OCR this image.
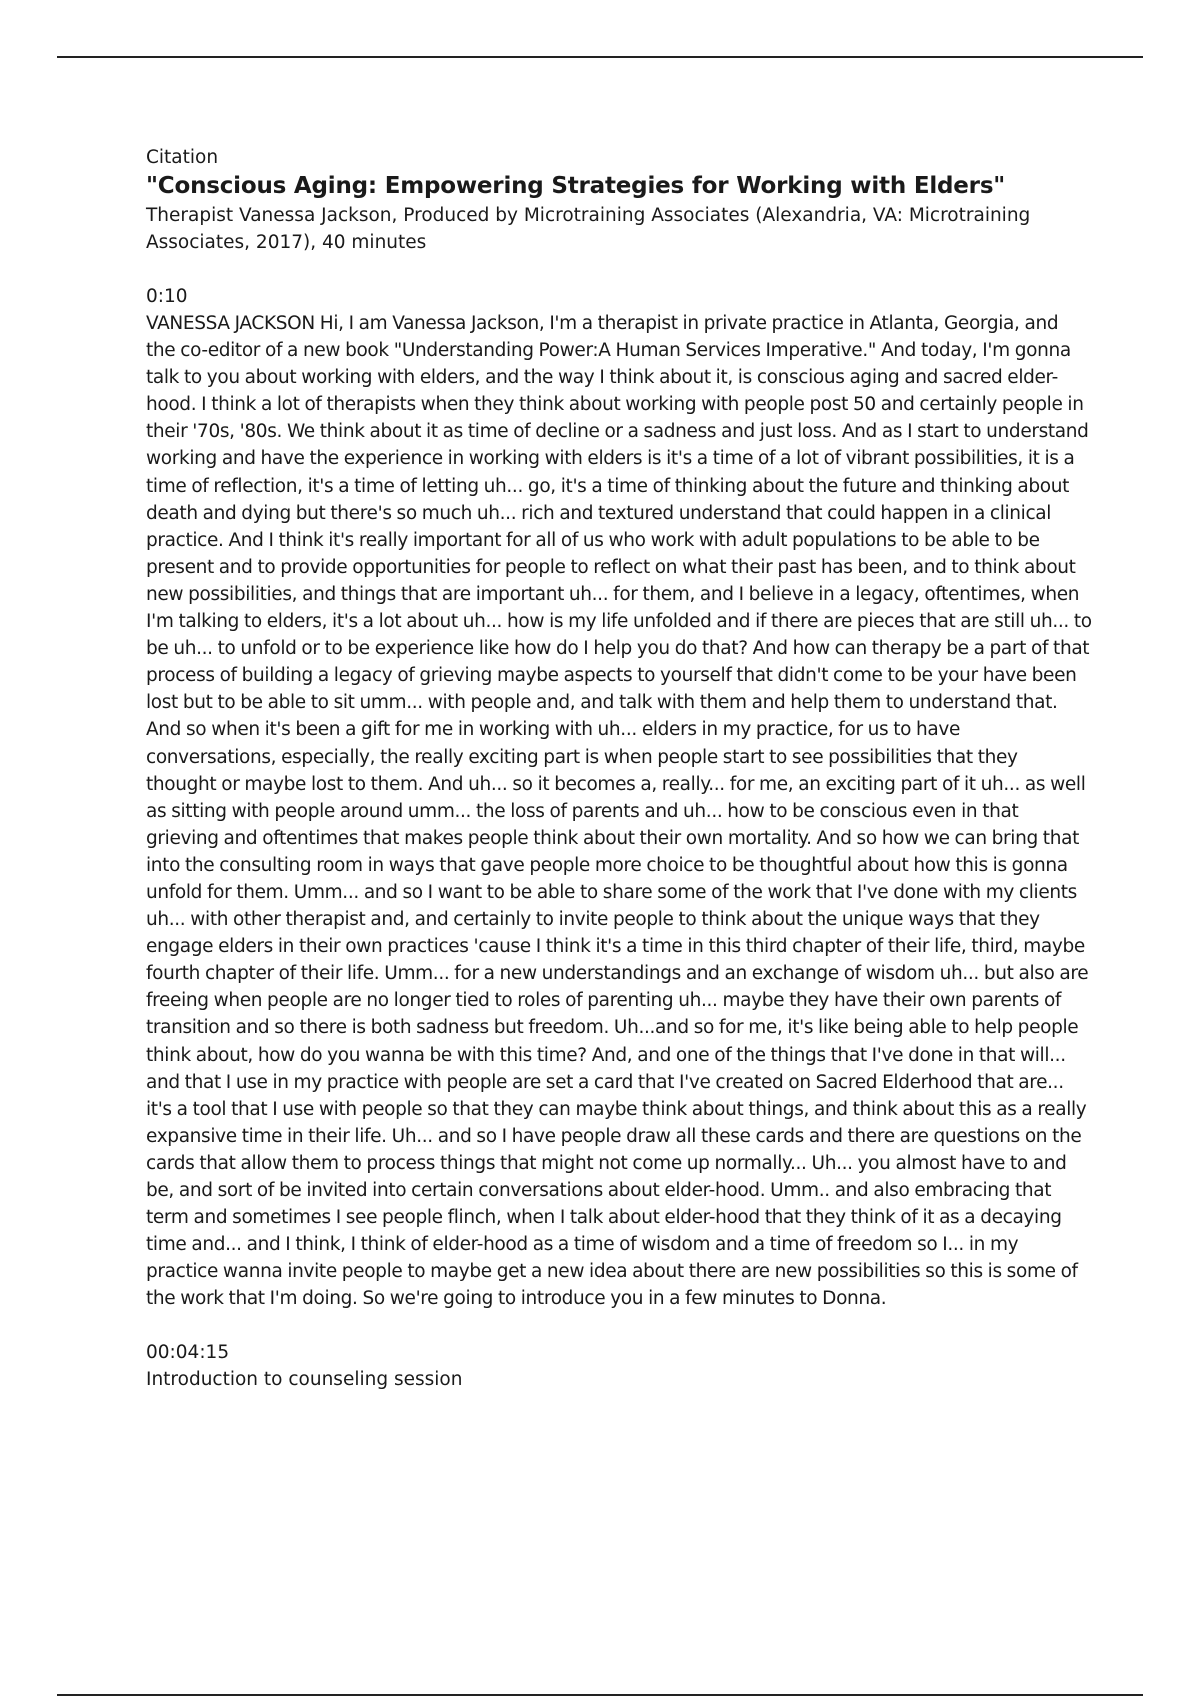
Citation

"Conscious Aging: Empowering Strategies for Working with Elders"

Therapist Vanessa Jackson, Produced by Microtraining Associates (Alexandria, VA: Microtraining Associates, 2017), 40 minutes

0:10

VANESSA JACKSON Hi, I am Vanessa Jackson, I'm a therapist in private practice in Atlanta, Georgia, and the co-editor of a new book "Understanding Power:A Human Services Imperative." And today, I'm gonna talk to you about working with elders, and the way I think about it, is conscious aging and sacred elder-hood. I think a lot of therapists when they think about working with people post 50 and certainly people in their '70s, '80s. We think about it as time of decline or a sadness and just loss. And as I start to understand working and have the experience in working with elders is it's a time of a lot of vibrant possibilities, it is a time of reflection, it's a time of letting uh... go, it's a time of thinking about the future and thinking about death and dying but there's so much uh... rich and textured understand that could happen in a clinical practice. And I think it's really important for all of us who work with adult populations to be able to be present and to provide opportunities for people to reflect on what their past has been, and to think about new possibilities, and things that are important uh... for them, and I believe in a legacy, oftentimes, when I'm talking to elders, it's a lot about uh... how is my life unfolded and if there are pieces that are still uh... to be uh... to unfold or to be experience like how do I help you do that? And how can therapy be a part of that process of building a legacy of grieving maybe aspects to yourself that didn't come to be your have been lost but to be able to sit umm... with people and, and talk with them and help them to understand that. And so when it's been a gift for me in working with uh... elders in my practice, for us to have conversations, especially, the really exciting part is when people start to see possibilities that they thought or maybe lost to them. And uh... so it becomes a, really... for me, an exciting part of it uh... as well as sitting with people around umm... the loss of parents and uh... how to be conscious even in that grieving and oftentimes that makes people think about their own mortality. And so how we can bring that into the consulting room in ways that gave people more choice to be thoughtful about how this is gonna unfold for them. Umm... and so I want to be able to share some of the work that I've done with my clients uh... with other therapist and, and certainly to invite people to think about the unique ways that they engage elders in their own practices 'cause I think it's a time in this third chapter of their life, third, maybe fourth chapter of their life. Umm... for a new understandings and an exchange of wisdom uh... but also are freeing when people are no longer tied to roles of parenting uh... maybe they have their own parents of transition and so there is both sadness but freedom. Uh...and so for me, it's like being able to help people think about, how do you wanna be with this time? And, and one of the things that I've done in that will... and that I use in my practice with people are set a card that I've created on Sacred Elderhood that are... it's a tool that I use with people so that they can maybe think about things, and think about this as a really expansive time in their life. Uh... and so I have people draw all these cards and there are questions on the cards that allow them to process things that might not come up normally... Uh... you almost have to and be, and sort of be invited into certain conversations about elder-hood. Umm.. and also embracing that term and sometimes I see people flinch, when I talk about elder-hood that they think of it as a decaying time and... and I think, I think of elder-hood as a time of wisdom and a time of freedom so I... in my practice wanna invite people to maybe get a new idea about there are new possibilities so this is some of the work that I'm doing. So we're going to introduce you in a few minutes to Donna.

00:04:15

Introduction to counseling session
